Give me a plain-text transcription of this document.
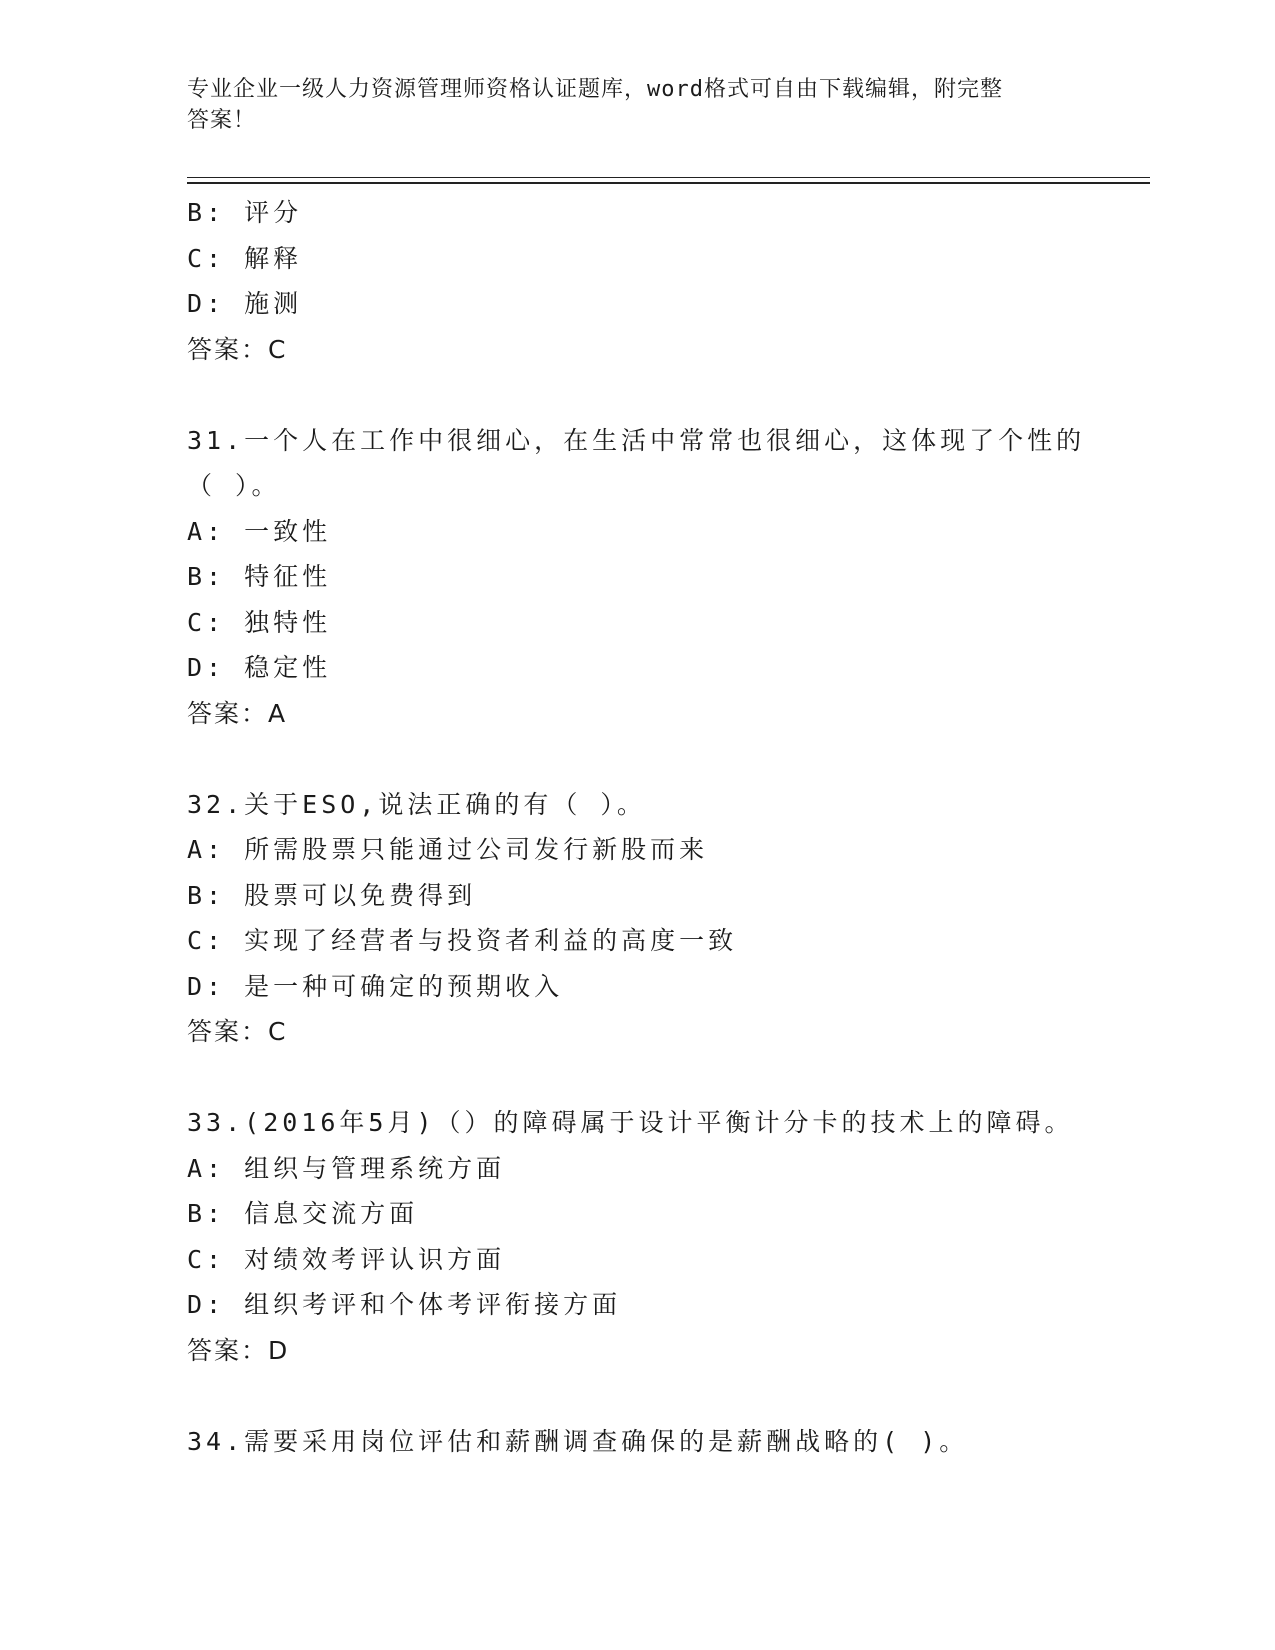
专业企业一级人力资源管理师资格认证题库，word格式可自由下载编辑，附完整
答案！
B: 评分
C: 解释
D: 施测
答案：C
31.一个人在工作中很细心，在生活中常常也很细心，这体现了个性的
（ ）。
A: 一致性
B: 特征性
C: 独特性
D: 稳定性
答案：A
32.关于ESO,说法正确的有（ ）。
A: 所需股票只能通过公司发行新股而来
B: 股票可以免费得到
C: 实现了经营者与投资者利益的高度一致
D: 是一种可确定的预期收入
答案：C
33.(2016年5月)（）的障碍属于设计平衡计分卡的技术上的障碍。
A: 组织与管理系统方面
B: 信息交流方面
C: 对绩效考评认识方面
D: 组织考评和个体考评衔接方面
答案：D
34.需要采用岗位评估和薪酬调查确保的是薪酬战略的( )。
